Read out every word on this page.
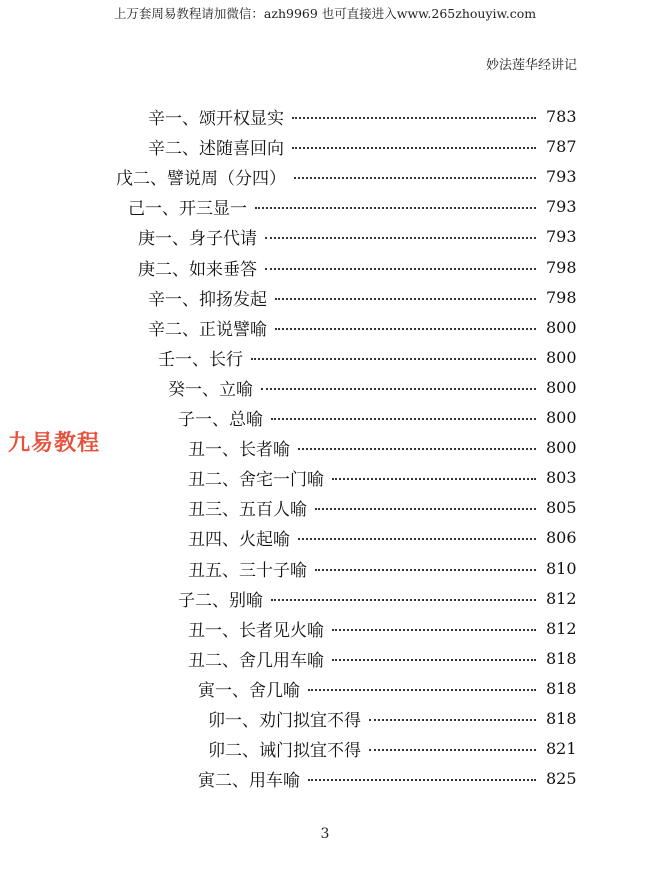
上万套周易教程请加微信：azh9969 也可直接进入www.265zhouyiw.com
妙法莲华经讲记
九易教程
辛一、颂开权显实	783
辛二、述随喜回向	787
戊二、譬说周（分四）	793
己一、开三显一	793
庚一、身子代请	793
庚二、如来垂答	798
辛一、抑扬发起	798
辛二、正说譬喻	800
壬一、长行	800
癸一、立喻	800
子一、总喻	800
丑一、长者喻	800
丑二、舍宅一门喻	803
丑三、五百人喻	805
丑四、火起喻	806
丑五、三十子喻	810
子二、别喻	812
丑一、长者见火喻	812
丑二、舍几用车喻	818
寅一、舍几喻	818
卯一、劝门拟宜不得	818
卯二、诫门拟宜不得	821
寅二、用车喻	825
3
